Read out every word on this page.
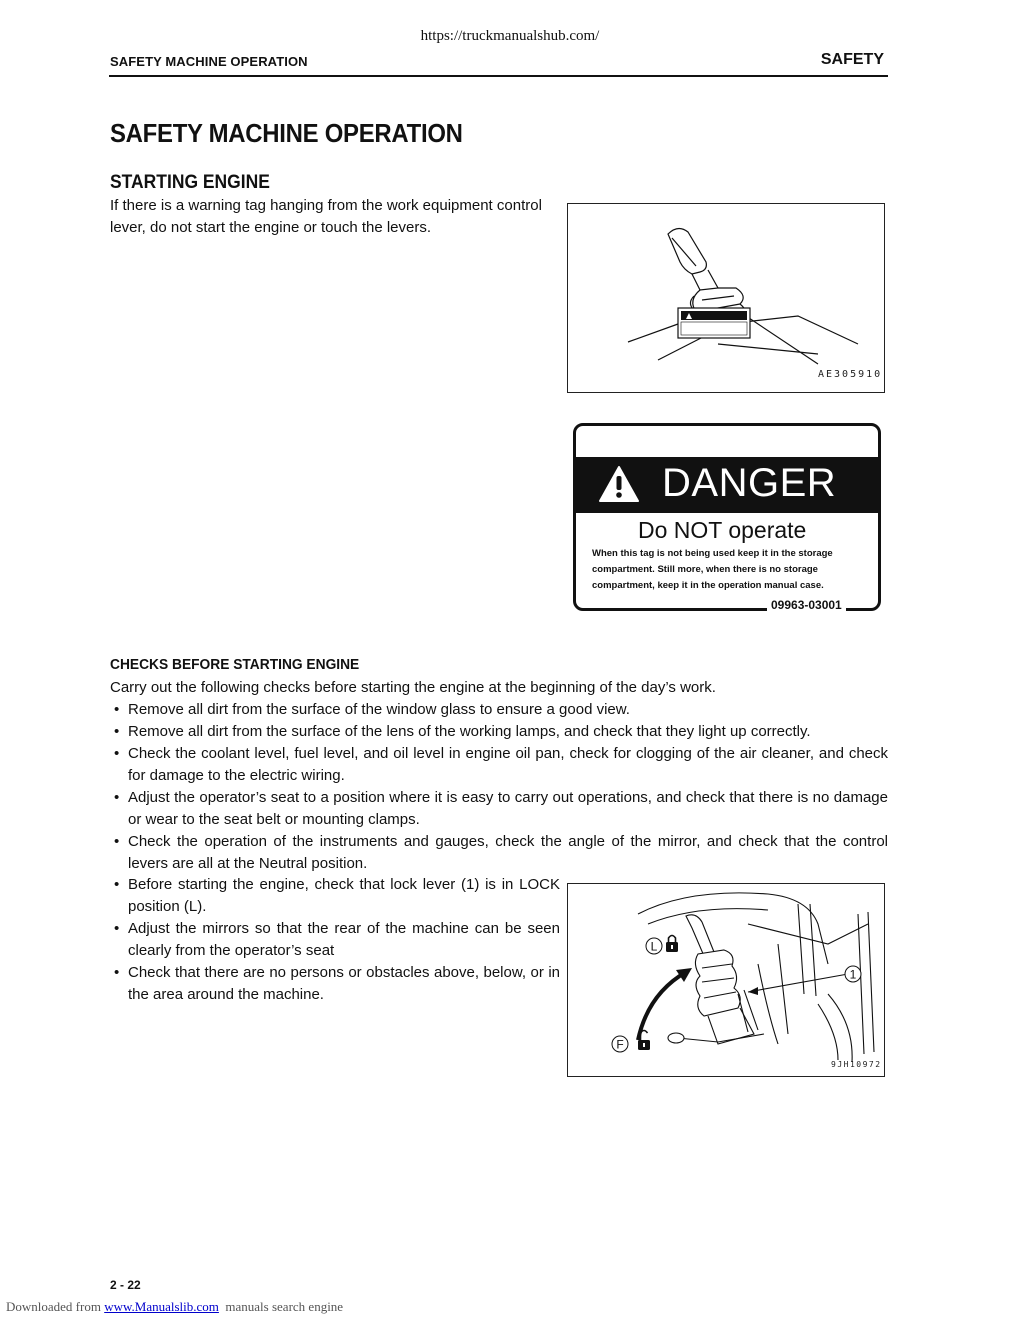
https://truckmanualshub.com/
SAFETY MACHINE OPERATION	SAFETY
SAFETY MACHINE OPERATION
STARTING ENGINE
If there is a warning tag hanging from the work equipment control lever, do not start the engine or touch the levers.
AE305910
DANGER
Do NOT operate
When this tag is not being used keep it in the storage compartment. Still more, when there is no storage compartment, keep it in the operation manual case.
09963-03001
CHECKS BEFORE STARTING ENGINE
Carry out the following checks before starting the engine at the beginning of the day’s work.
• Remove all dirt from the surface of the window glass to ensure a good view.
• Remove all dirt from the surface of the lens of the working lamps, and check that they light up correctly.
• Check the coolant level, fuel level, and oil level in engine oil pan, check for clogging of the air cleaner, and check for damage to the electric wiring.
• Adjust the operator’s seat to a position where it is easy to carry out operations, and check that there is no damage or wear to the seat belt or mounting clamps.
• Check the operation of the instruments and gauges, check the angle of the mirror, and check that the control levers are all at the Neutral position.
• Before starting the engine, check that lock lever (1) is in LOCK position (L).
• Adjust the mirrors so that the rear of the machine can be seen clearly from the operator’s seat
• Check that there are no persons or obstacles above, below, or in the area around the machine.
L
F
1
9JH10972
2 - 22
Downloaded from www.Manualslib.com manuals search engine
